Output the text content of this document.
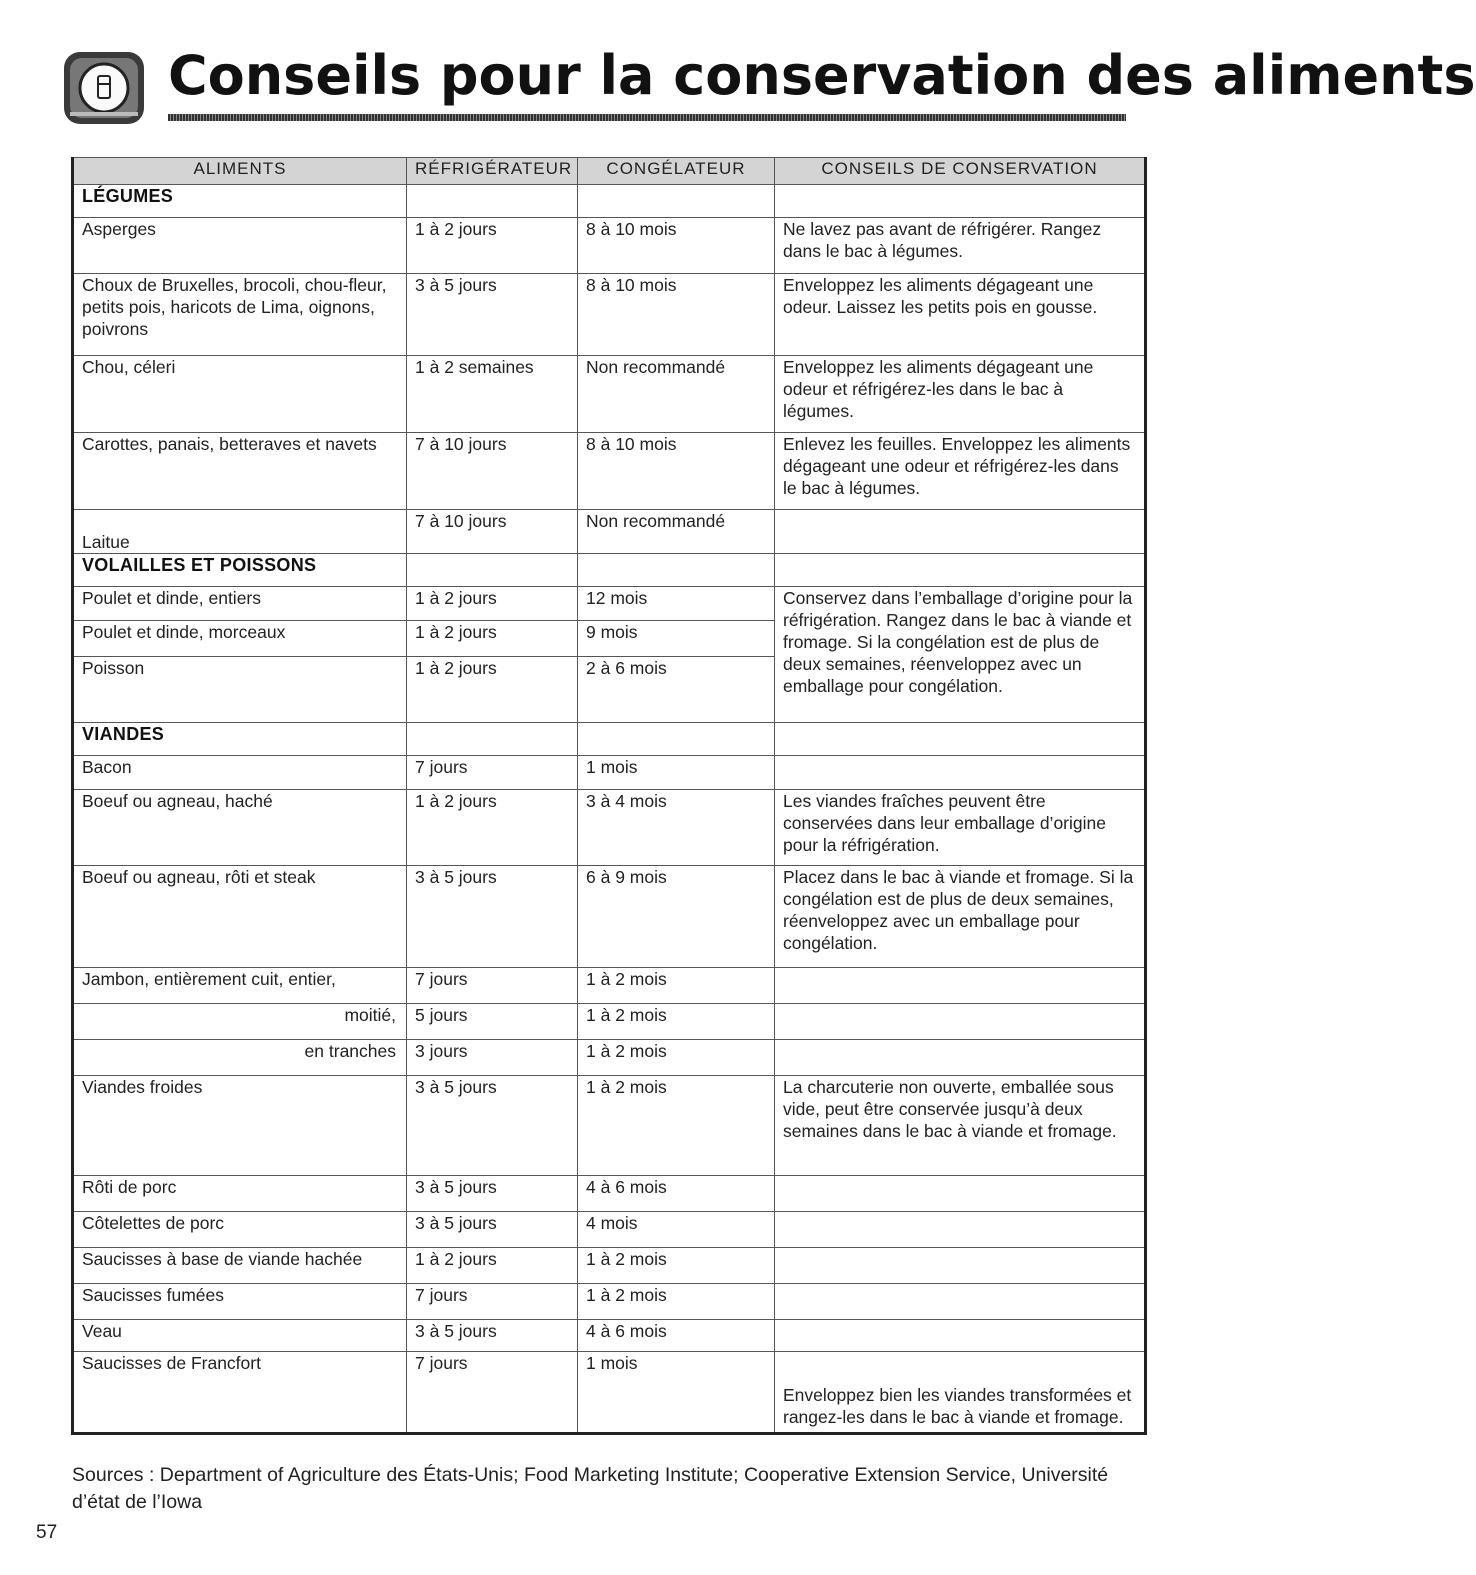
Conseils pour la conservation des aliments
ALIMENTS	RÉFRIGÉRATEUR	CONGÉLATEUR	CONSEILS DE CONSERVATION
LÉGUMES			
Asperges	1 à 2 jours	8 à 10 mois	Ne lavez pas avant de réfrigérer. Rangez dans le bac à légumes.
Choux de Bruxelles, brocoli, chou-fleur, petits pois, haricots de Lima, oignons, poivrons	3 à 5 jours	8 à 10 mois	Enveloppez les aliments dégageant une odeur. Laissez les petits pois en gousse.
Chou, céleri	1 à 2 semaines	Non recommandé	Enveloppez les aliments dégageant une odeur et réfrigérez-les dans le bac à légumes.
Carottes, panais, betteraves et navets	7 à 10 jours	8 à 10 mois	Enlevez les feuilles. Enveloppez les aliments dégageant une odeur et réfrigérez-les dans le bac à légumes.
Laitue	7 à 10 jours	Non recommandé	
VOLAILLES ET POISSONS			
Poulet et dinde, entiers	1 à 2 jours	12 mois	Conservez dans l’emballage d’origine pour la réfrigération. Rangez dans le bac à viande et fromage. Si la congélation est de plus de deux semaines, réenveloppez avec un emballage pour congélation.
Poulet et dinde, morceaux	1 à 2 jours	9 mois	
Poisson	1 à 2 jours	2 à 6 mois	
VIANDES			
Bacon	7 jours	1 mois	
Boeuf ou agneau, haché	1 à 2 jours	3 à 4 mois	Les viandes fraîches peuvent être conservées dans leur emballage d’origine pour la réfrigération.
Boeuf ou agneau, rôti et steak	3 à 5 jours	6 à 9 mois	Placez dans le bac à viande et fromage. Si la congélation est de plus de deux semaines, réenveloppez avec un emballage pour congélation.
Jambon, entièrement cuit, entier,	7 jours	1 à 2 mois	
moitié,	5 jours	1 à 2 mois	
en tranches	3 jours	1 à 2 mois	
Viandes froides	3 à 5 jours	1 à 2 mois	La charcuterie non ouverte, emballée sous vide, peut être conservée jusqu’à deux semaines dans le bac à viande et fromage.
Rôti de porc	3 à 5 jours	4 à 6 mois	
Côtelettes de porc	3 à 5 jours	4 mois	
Saucisses à base de viande hachée	1 à 2 jours	1 à 2 mois	
Saucisses fumées	7 jours	1 à 2 mois	
Veau	3 à 5 jours	4 à 6 mois	
Saucisses de Francfort	7 jours	1 mois	Enveloppez bien les viandes transformées et rangez-les dans le bac à viande et fromage.

Sources : Department of Agriculture des États-Unis; Food Marketing Institute; Cooperative Extension Service, Université d’état de l’Iowa

57
